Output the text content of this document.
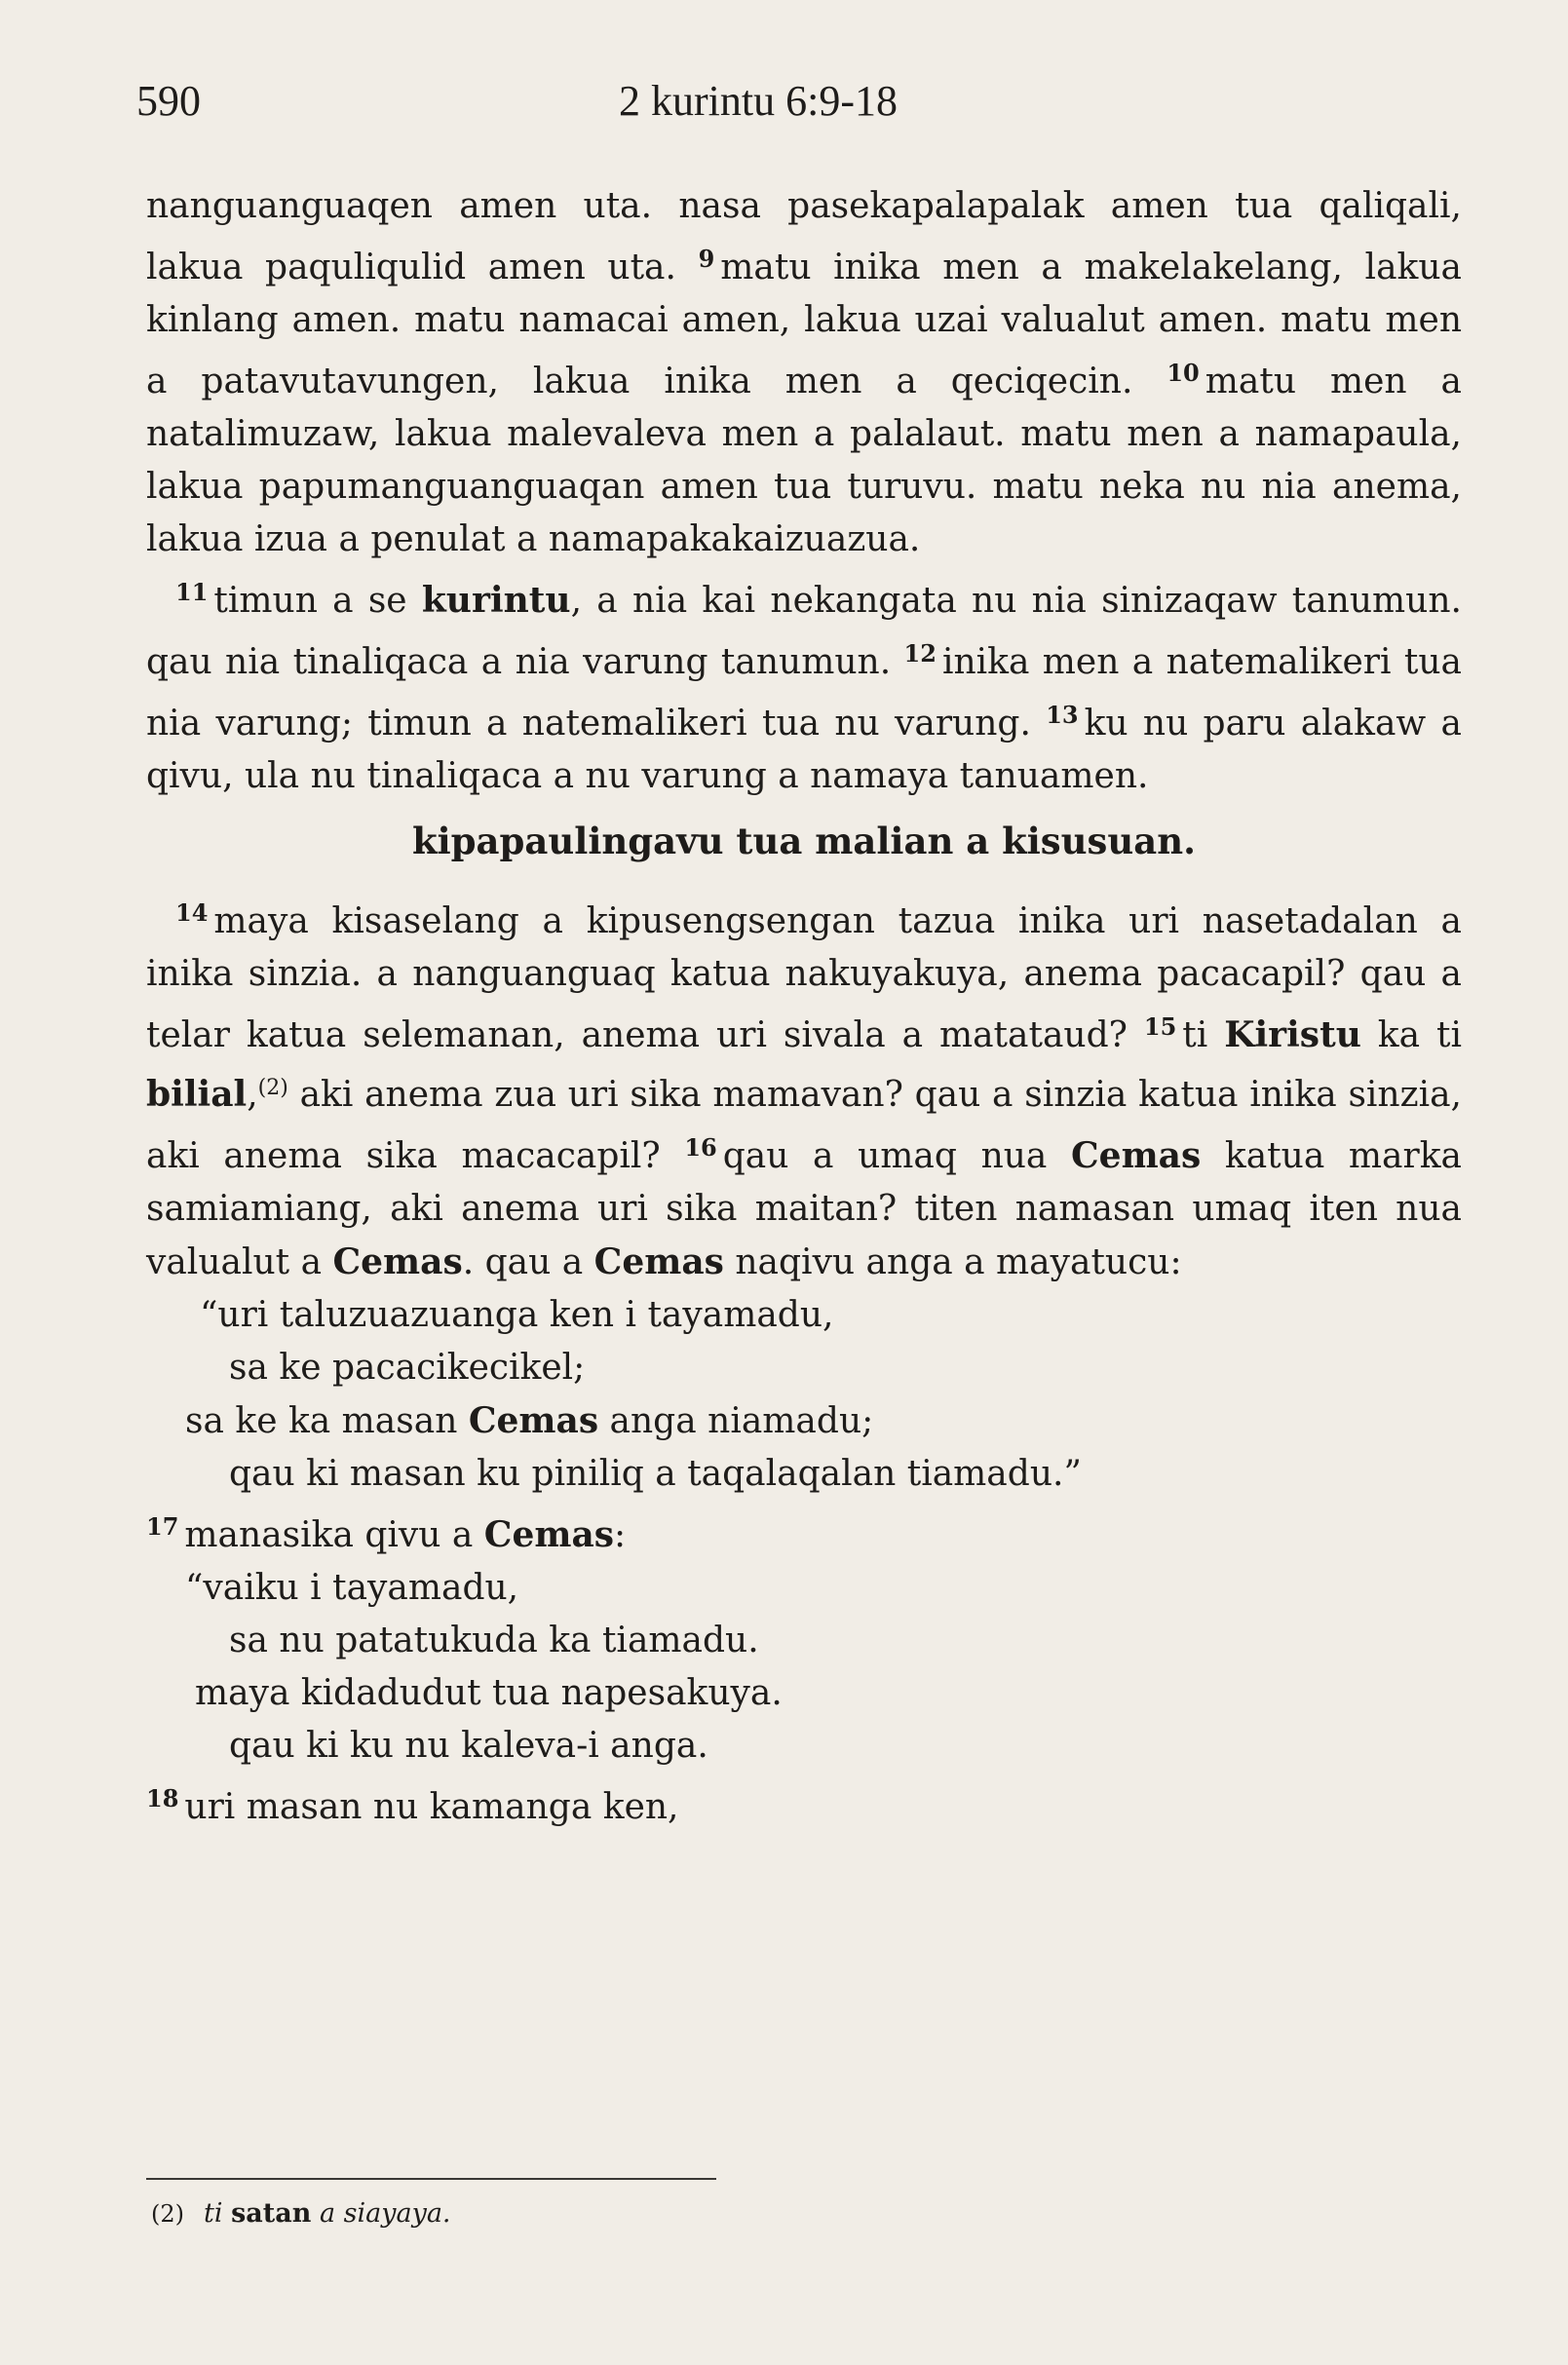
590	2 kurintu 6:9-18

nanguanguaqen amen uta. nasa pasekapalapalak amen tua qaliqali, lakua paquliqulid amen uta. $^9$ matu inika men a makelakelang, lakua kinlang amen. matu namacai amen, lakua uzai valualut amen. matu men a patavutavungen, lakua inika men a qeciqecin. $^{10}$ matu men a natalimuzaw, lakua malevaleva men a palalaut. matu men a namapaula, lakua papumanguanguaqan amen tua turuvu. matu neka nu nia anema, lakua izua a penulat a namapakakaizuazua.

$^{11}$ timun a se kurintu, a nia kai nekangata nu nia sinizaqaw tanumun. qau nia tinaliqaca a nia varung tanumun. $^{12}$ inika men a natemalikeri tua nia varung; timun a natemalikeri tua nu varung. $^{13}$ ku nu paru alakaw a qivu, ula nu tinaliqaca a nu varung a namaya tanuamen.

kipapaulingavu tua malian a kisusuan.

$^{14}$ maya kisaselang a kipusengsengan tazua inika uri nasetadalan a inika sinzia. a nanguanguaq katua nakuyakuya, anema pacacapil? qau a telar katua selemanan, anema uri sivala a matataud? $^{15}$ ti Kiristu ka ti bilial,$^{(2)}$ aki anema zua uri sika mamavan? qau a sinzia katua inika sinzia, aki anema sika macacapil? $^{16}$ qau a umaq nua Cemas katua marka samiamiang, aki anema uri sika maitan? titen namasan umaq iten nua valualut a Cemas. qau a Cemas naqivu anga a mayatucu:

“uri taluzuazuanga ken i tayamadu,
sa ke pacacikecikel;
sa ke ka masan Cemas anga niamadu;
qau ki masan ku piniliq a taqalaqalan tiamadu.”

$^{17}$ manasika qivu a Cemas:

“vaiku i tayamadu,
sa nu patatukuda ka tiamadu.
maya kidadudut tua napesakuya.
qau ki ku nu kaleva-i anga.

$^{18}$ uri masan nu kamanga ken,

(2) ti satan a siayaya.
